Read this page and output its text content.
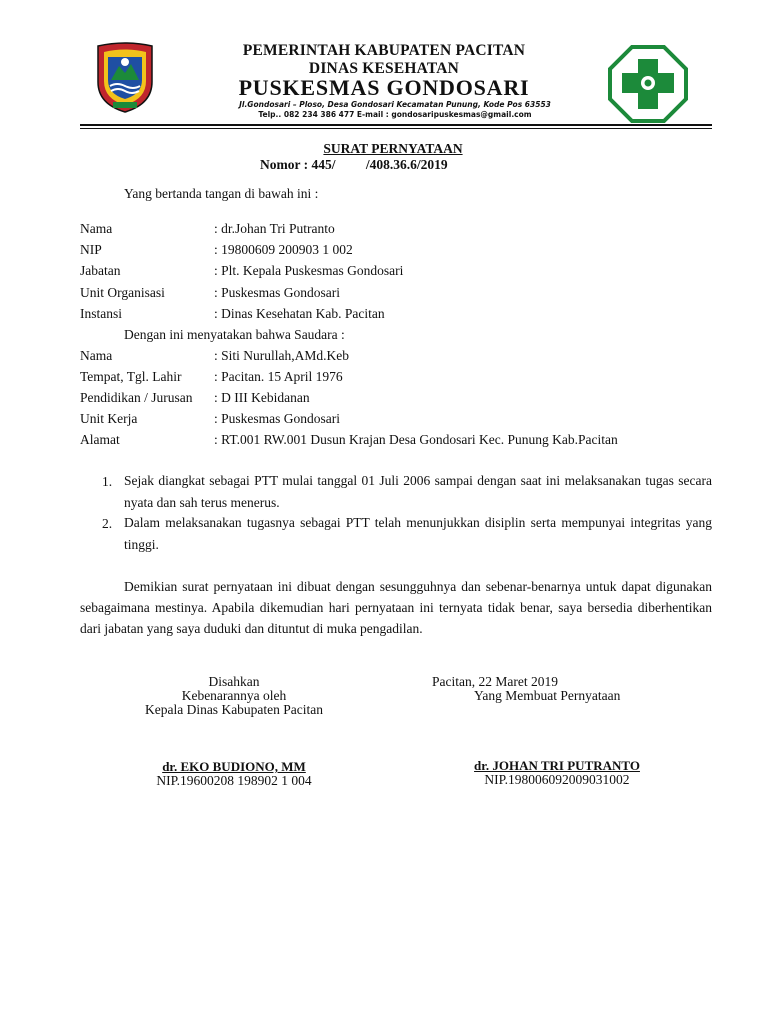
PEMERINTAH KABUPATEN PACITAN
DINAS KESEHATAN
PUSKESMAS GONDOSARI
Jl.Gondosari – Ploso, Desa Gondosari Kecamatan Punung, Kode Pos 63553
Telp.. 082 234 386 477 E-mail : gondosaripuskesmas@gmail.com
SURAT PERNYATAAN
Nomor : 445/         /408.36.6/2019
Yang bertanda tangan di bawah ini :
Nama	: dr.Johan Tri Putranto
NIP	: 19800609 200903 1 002
Jabatan	: Plt. Kepala Puskesmas Gondosari
Unit Organisasi	: Puskesmas Gondosari
Instansi	: Dinas Kesehatan Kab. Pacitan
Dengan ini menyatakan bahwa Saudara :
Nama	: Siti Nurullah,AMd.Keb
Tempat, Tgl. Lahir : Pacitan. 15 April 1976
Pendidikan / Jurusan : D III Kebidanan
Unit Kerja	: Puskesmas Gondosari
Alamat	: RT.001 RW.001 Dusun Krajan Desa Gondosari Kec. Punung Kab.Pacitan
1. Sejak diangkat sebagai PTT mulai tanggal 01 Juli 2006 sampai dengan saat ini melaksanakan tugas secara nyata dan sah terus menerus.
2. Dalam melaksanakan tugasnya sebagai PTT telah menunjukkan disiplin serta mempunyai integritas yang tinggi.
Demikian surat pernyataan ini dibuat dengan sesungguhnya dan sebenar-benarnya untuk dapat digunakan sebagaimana mestinya. Apabila dikemudian hari pernyataan ini ternyata tidak benar, saya bersedia diberhentikan dari jabatan yang saya duduki dan dituntut di muka pengadilan.
Disahkan
Kebenarannya oleh
Kepala Dinas Kabupaten Pacitan
dr. EKO BUDIONO, MM
NIP.19600208 198902 1 004
Pacitan, 22 Maret 2019
Yang Membuat Pernyataan
dr. JOHAN TRI PUTRANTO
NIP.198006092009031002
